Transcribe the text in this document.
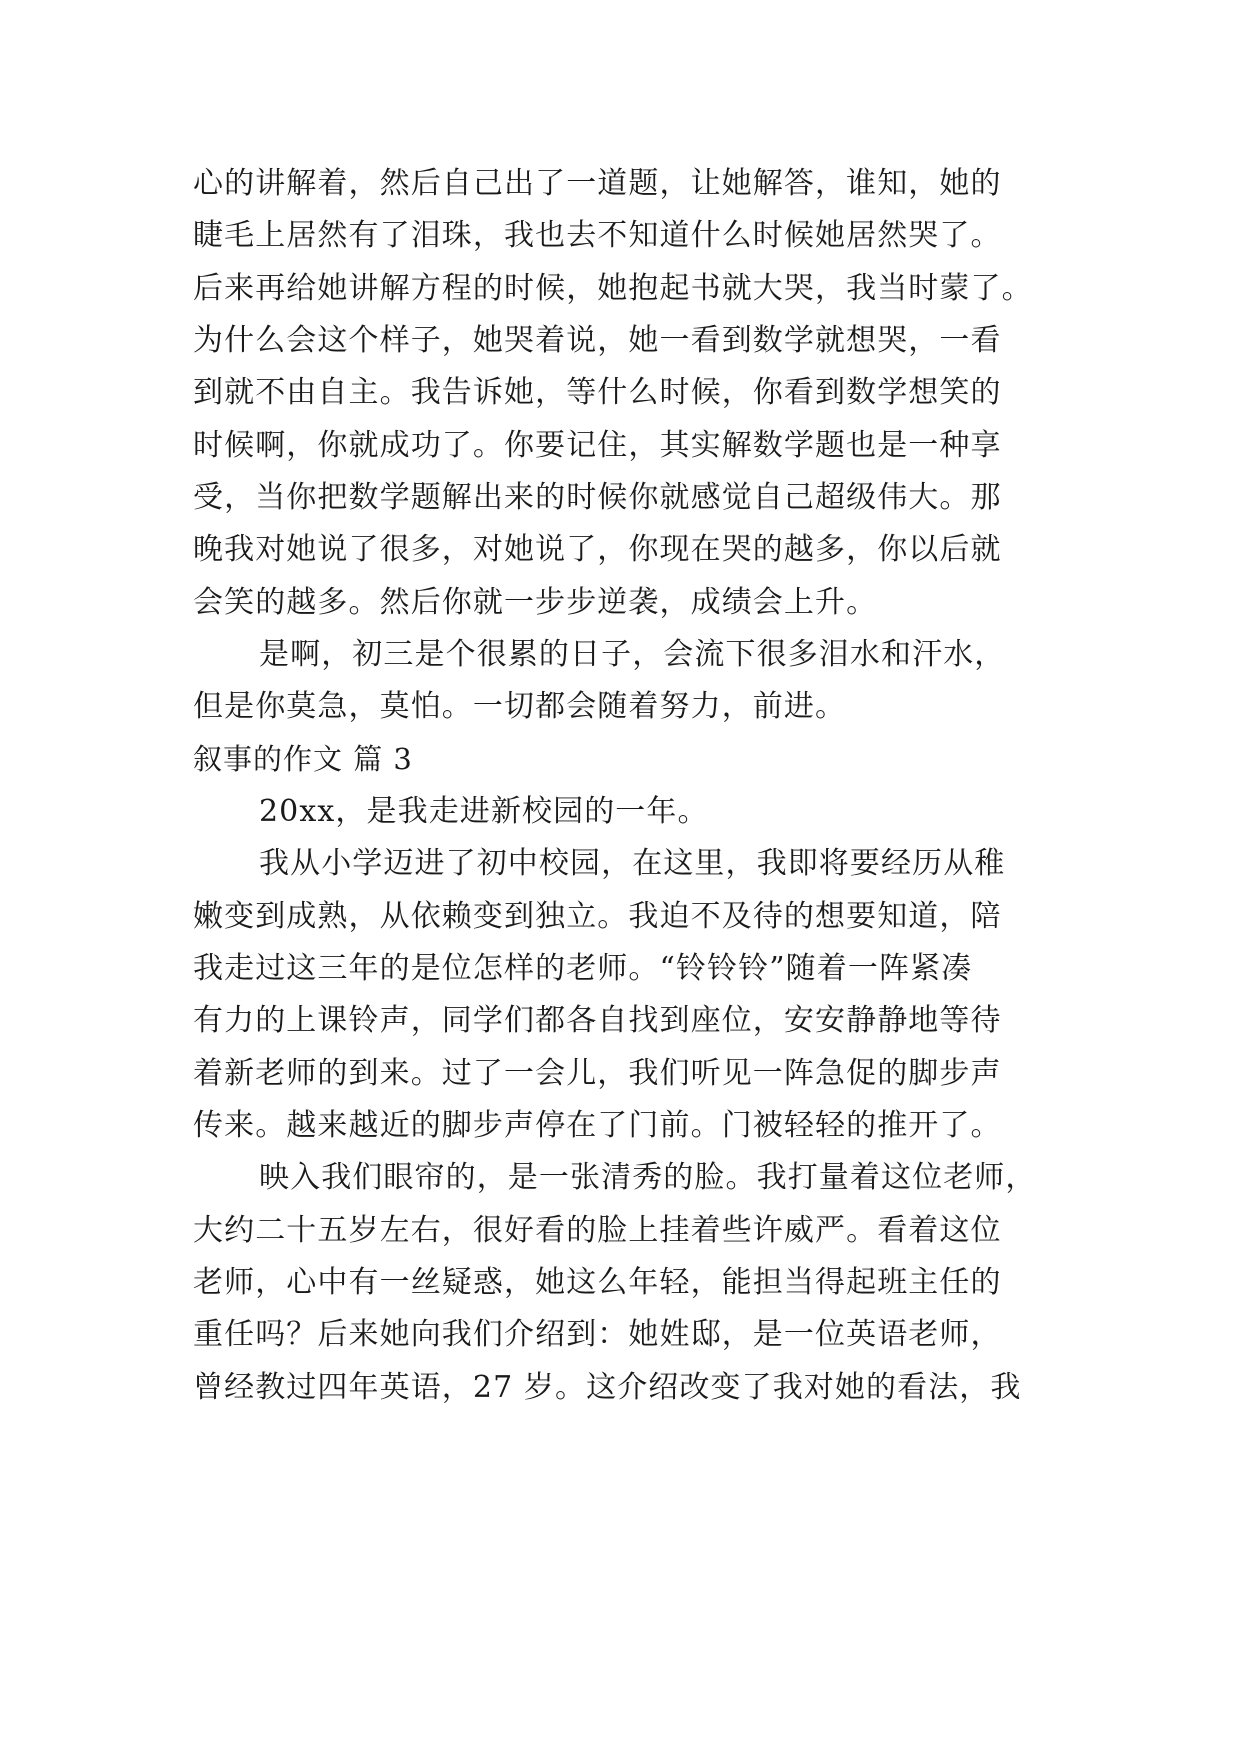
心的讲解着，然后自己出了一道题，让她解答，谁知，她的
睫毛上居然有了泪珠，我也去不知道什么时候她居然哭了。
后来再给她讲解方程的时候，她抱起书就大哭，我当时蒙了。
为什么会这个样子，她哭着说，她一看到数学就想哭，一看
到就不由自主。我告诉她，等什么时候，你看到数学想笑的
时候啊，你就成功了。你要记住，其实解数学题也是一种享
受，当你把数学题解出来的时候你就感觉自己超级伟大。那
晚我对她说了很多，对她说了，你现在哭的越多，你以后就
会笑的越多。然后你就一步步逆袭，成绩会上升。
是啊，初三是个很累的日子，会流下很多泪水和汗水，
但是你莫急，莫怕。一切都会随着努力，前进。
叙事的作文 篇 3
20xx，是我走进新校园的一年。
我从小学迈进了初中校园，在这里，我即将要经历从稚
嫩变到成熟，从依赖变到独立。我迫不及待的想要知道，陪
我走过这三年的是位怎样的老师。“铃铃铃”随着一阵紧凑
有力的上课铃声，同学们都各自找到座位，安安静静地等待
着新老师的到来。过了一会儿，我们听见一阵急促的脚步声
传来。越来越近的脚步声停在了门前。门被轻轻的推开了。
映入我们眼帘的，是一张清秀的脸。我打量着这位老师，
大约二十五岁左右，很好看的脸上挂着些许威严。看着这位
老师，心中有一丝疑惑，她这么年轻，能担当得起班主任的
重任吗？后来她向我们介绍到：她姓邸，是一位英语老师，
曾经教过四年英语，27 岁。这介绍改变了我对她的看法，我
